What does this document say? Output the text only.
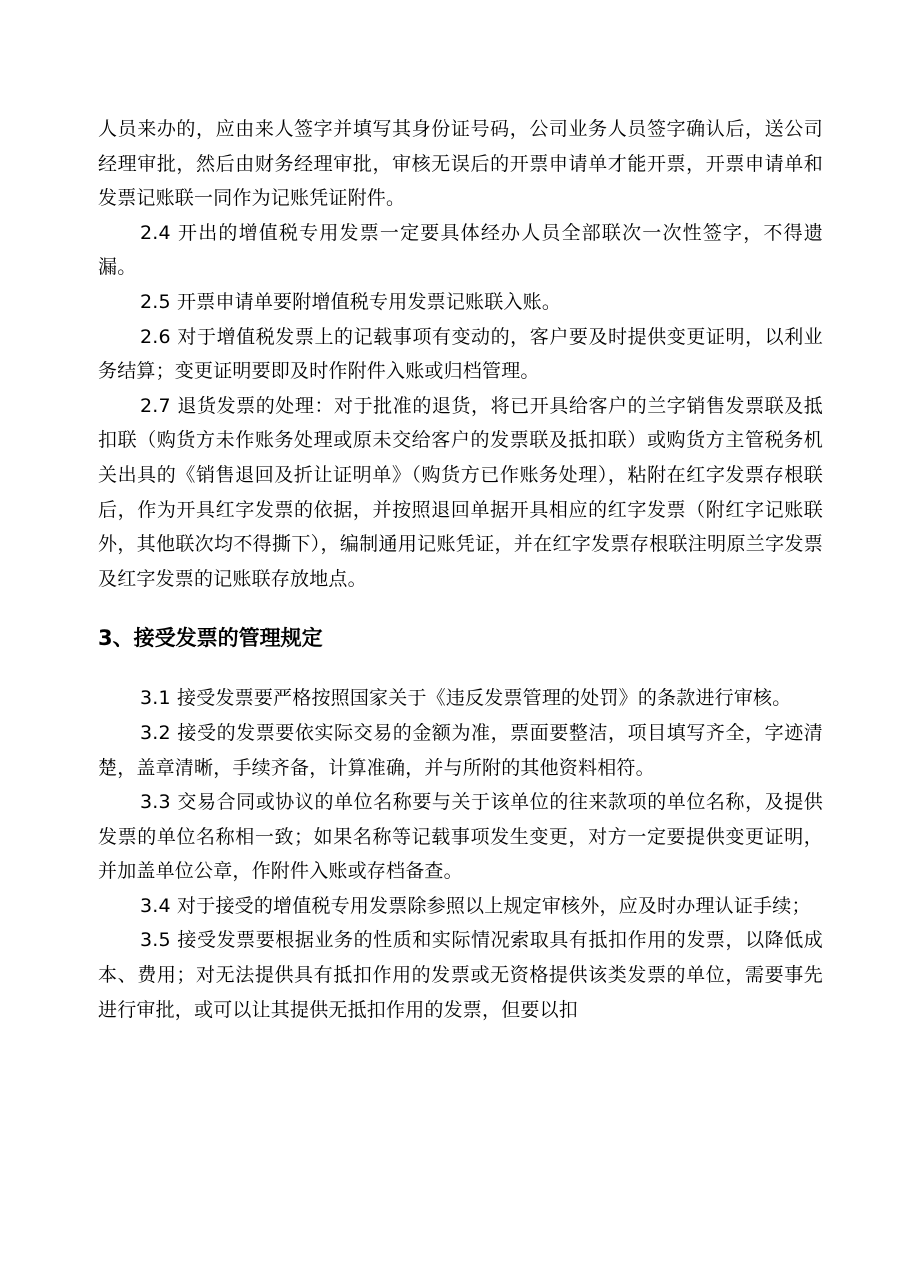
人员来办的，应由来人签字并填写其身份证号码，公司业务人员签字确认后，送公司经理审批，然后由财务经理审批，审核无误后的开票申请单才能开票，开票申请单和发票记账联一同作为记账凭证附件。

2.4 开出的增值税专用发票一定要具体经办人员全部联次一次性签字，不得遗漏。

2.5 开票申请单要附增值税专用发票记账联入账。

2.6 对于增值税发票上的记载事项有变动的，客户要及时提供变更证明，以利业务结算；变更证明要即及时作附件入账或归档管理。

2.7 退货发票的处理：对于批准的退货，将已开具给客户的兰字销售发票联及抵扣联（购货方未作账务处理或原未交给客户的发票联及抵扣联）或购货方主管税务机关出具的《销售退回及折让证明单》（购货方已作账务处理），粘附在红字发票存根联后，作为开具红字发票的依据，并按照退回单据开具相应的红字发票（附红字记账联外，其他联次均不得撕下），编制通用记账凭证，并在红字发票存根联注明原兰字发票及红字发票的记账联存放地点。

3、接受发票的管理规定

3.1 接受发票要严格按照国家关于《违反发票管理的处罚》的条款进行审核。

3.2 接受的发票要依实际交易的金额为准，票面要整洁，项目填写齐全，字迹清楚，盖章清晰，手续齐备，计算准确，并与所附的其他资料相符。

3.3 交易合同或协议的单位名称要与关于该单位的往来款项的单位名称，及提供发票的单位名称相一致；如果名称等记载事项发生变更，对方一定要提供变更证明，并加盖单位公章，作附件入账或存档备查。

3.4 对于接受的增值税专用发票除参照以上规定审核外，应及时办理认证手续；

3.5 接受发票要根据业务的性质和实际情况索取具有抵扣作用的发票，以降低成本、费用；对无法提供具有抵扣作用的发票或无资格提供该类发票的单位，需要事先进行审批，或可以让其提供无抵扣作用的发票，但要以扣
